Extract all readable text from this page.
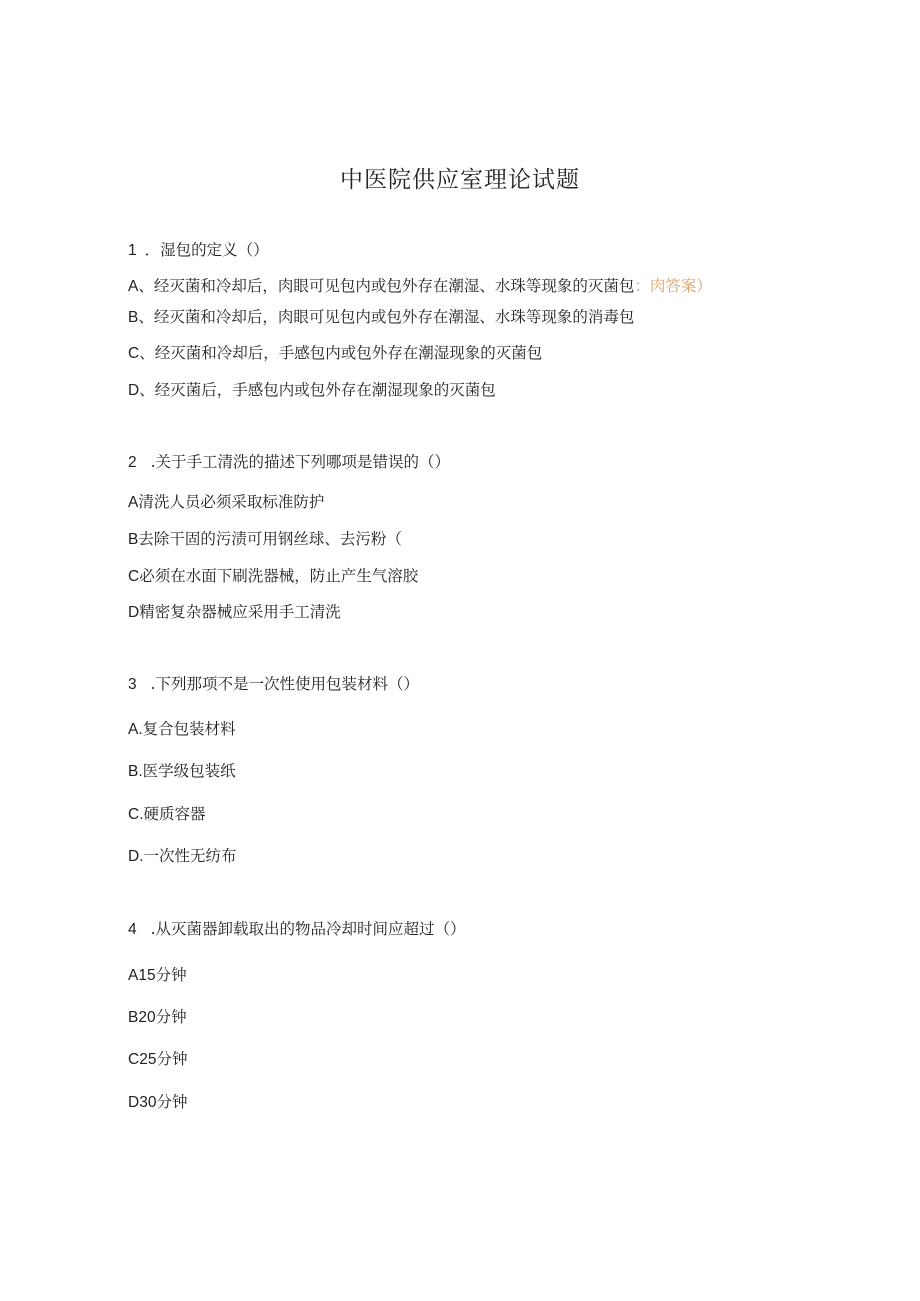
中医院供应室理论试题
1 ．湿包的定义（）
A、经灭菌和冷却后，肉眼可见包内或包外存在潮湿、水珠等现象的灭菌包：肉答案）
B、经灭菌和冷却后，肉眼可见包内或包外存在潮湿、水珠等现象的消毒包
C、经灭菌和冷却后，手感包内或包外存在潮湿现象的灭菌包
D、经灭菌后，手感包内或包外存在潮湿现象的灭菌包
2 .关于手工清洗的描述下列哪项是错误的（）
A清洗人员必须采取标准防护
B去除干固的污渍可用钢丝球、去污粉（
C必须在水面下刷洗器械，防止产生气溶胶
D精密复杂器械应采用手工清洗
3 .下列那项不是一次性使用包装材料（）
A.复合包装材料
B.医学级包装纸
C.硬质容器
D.一次性无纺布
4 .从灭菌器卸载取出的物品冷却时间应超过（）
A15分钟
B20分钟
C25分钟
D30分钟
